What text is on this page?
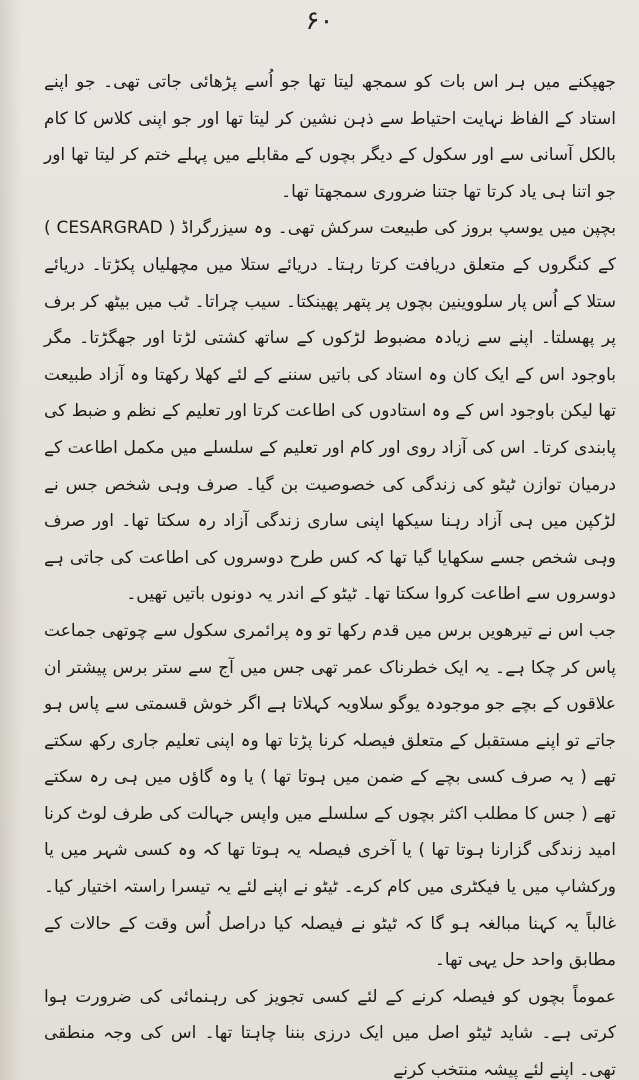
۶۰

جھپکنے میں ہر اس بات کو سمجھ لیتا تھا جو اُسے پڑھائی جاتی تھی۔ جو اپنے استاد کے الفاظ نہایت احتیاط سے ذہن نشین کر لیتا تھا اور جو اپنی کلاس کا کام بالکل آسانی سے اور سکول کے دیگر بچوں کے مقابلے میں پہلے ختم کر لیتا تھا اور جو اتنا ہی یاد کرتا تھا جتنا ضروری سمجھتا تھا۔

بچپن میں یوسپ بروز کی طبیعت سرکش تھی۔ وہ سیزرگراڈ ( CESARGRAD ) کے کنگروں کے متعلق دریافت کرتا رہتا۔ دریائے ستلا میں مچھلیاں پکڑتا۔ دریائے ستلا کے اُس پار سلووینین بچوں پر پتھر پھینکتا۔ سیب چراتا۔ ٹب میں بیٹھ کر برف پر پھسلتا۔ اپنے سے زیادہ مضبوط لڑکوں کے ساتھ کشتی لڑتا اور جھگڑتا۔ مگر باوجود اس کے ایک کان وہ استاد کی باتیں سننے کے لئے کھلا رکھتا وہ آزاد طبیعت تھا لیکن باوجود اس کے وہ استادوں کی اطاعت کرتا اور تعلیم کے نظم و ضبط کی پابندی کرتا۔ اس کی آزاد روی اور کام اور تعلیم کے سلسلے میں مکمل اطاعت کے درمیان توازن ٹیٹو کی زندگی کی خصوصیت بن گیا۔ صرف وہی شخص جس نے لڑکپن میں ہی آزاد رہنا سیکھا اپنی ساری زندگی آزاد رہ سکتا تھا۔ اور صرف وہی شخص جسے سکھایا گیا تھا کہ کس طرح دوسروں کی اطاعت کی جاتی ہے دوسروں سے اطاعت کروا سکتا تھا۔ ٹیٹو کے اندر یہ دونوں باتیں تھیں۔

جب اس نے تیرھویں برس میں قدم رکھا تو وہ پرائمری سکول سے چوتھی جماعت پاس کر چکا ہے۔ یہ ایک خطرناک عمر تھی جس میں آج سے ستر برس پیشتر ان علاقوں کے بچے جو موجودہ یوگو سلاویہ کہلاتا ہے اگر خوش قسمتی سے پاس ہو جاتے تو اپنے مستقبل کے متعلق فیصلہ کرنا پڑتا تھا وہ اپنی تعلیم جاری رکھ سکتے تھے ( یہ صرف کسی بچے کے ضمن میں ہوتا تھا ) یا وہ گاؤں میں ہی رہ سکتے تھے ( جس کا مطلب اکثر بچوں کے سلسلے میں واپس جہالت کی طرف لوٹ کرنا امید زندگی گزارنا ہوتا تھا ) یا آخری فیصلہ یہ ہوتا تھا کہ وہ کسی شہر میں یا ورکشاپ میں یا فیکٹری میں کام کرے۔ ٹیٹو نے اپنے لئے یہ تیسرا راستہ اختیار کیا۔ غالباً یہ کہنا مبالغہ ہو گا کہ ٹیٹو نے فیصلہ کیا دراصل اُس وقت کے حالات کے مطابق واحد حل یہی تھا۔

عموماً بچوں کو فیصلہ کرنے کے لئے کسی تجویز کی رہنمائی کی ضرورت ہوا کرتی ہے۔ شاید ٹیٹو اصل میں ایک درزی بننا چاہتا تھا۔ اس کی وجہ منطقی تھی۔ اپنے لئے پیشہ منتخب کرنے
